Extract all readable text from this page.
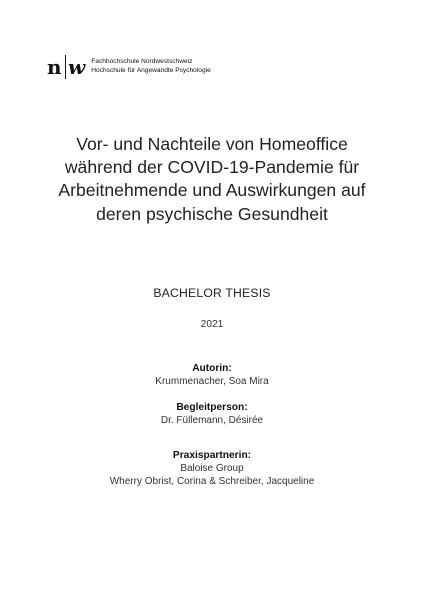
n w Fachhochschule Nordwestschweiz
Hochschule für Angewandte Psychologie
Vor- und Nachteile von Homeoffice
während der COVID-19-Pandemie für
Arbeitnehmende und Auswirkungen auf
deren psychische Gesundheit
BACHELOR THESIS
2021
Autorin:
Krummenacher, Soa Mira
Begleitperson:
Dr. Füllemann, Désirée
Praxispartnerin:
Baloise Group
Wherry Obrist, Corina & Schreiber, Jacqueline
